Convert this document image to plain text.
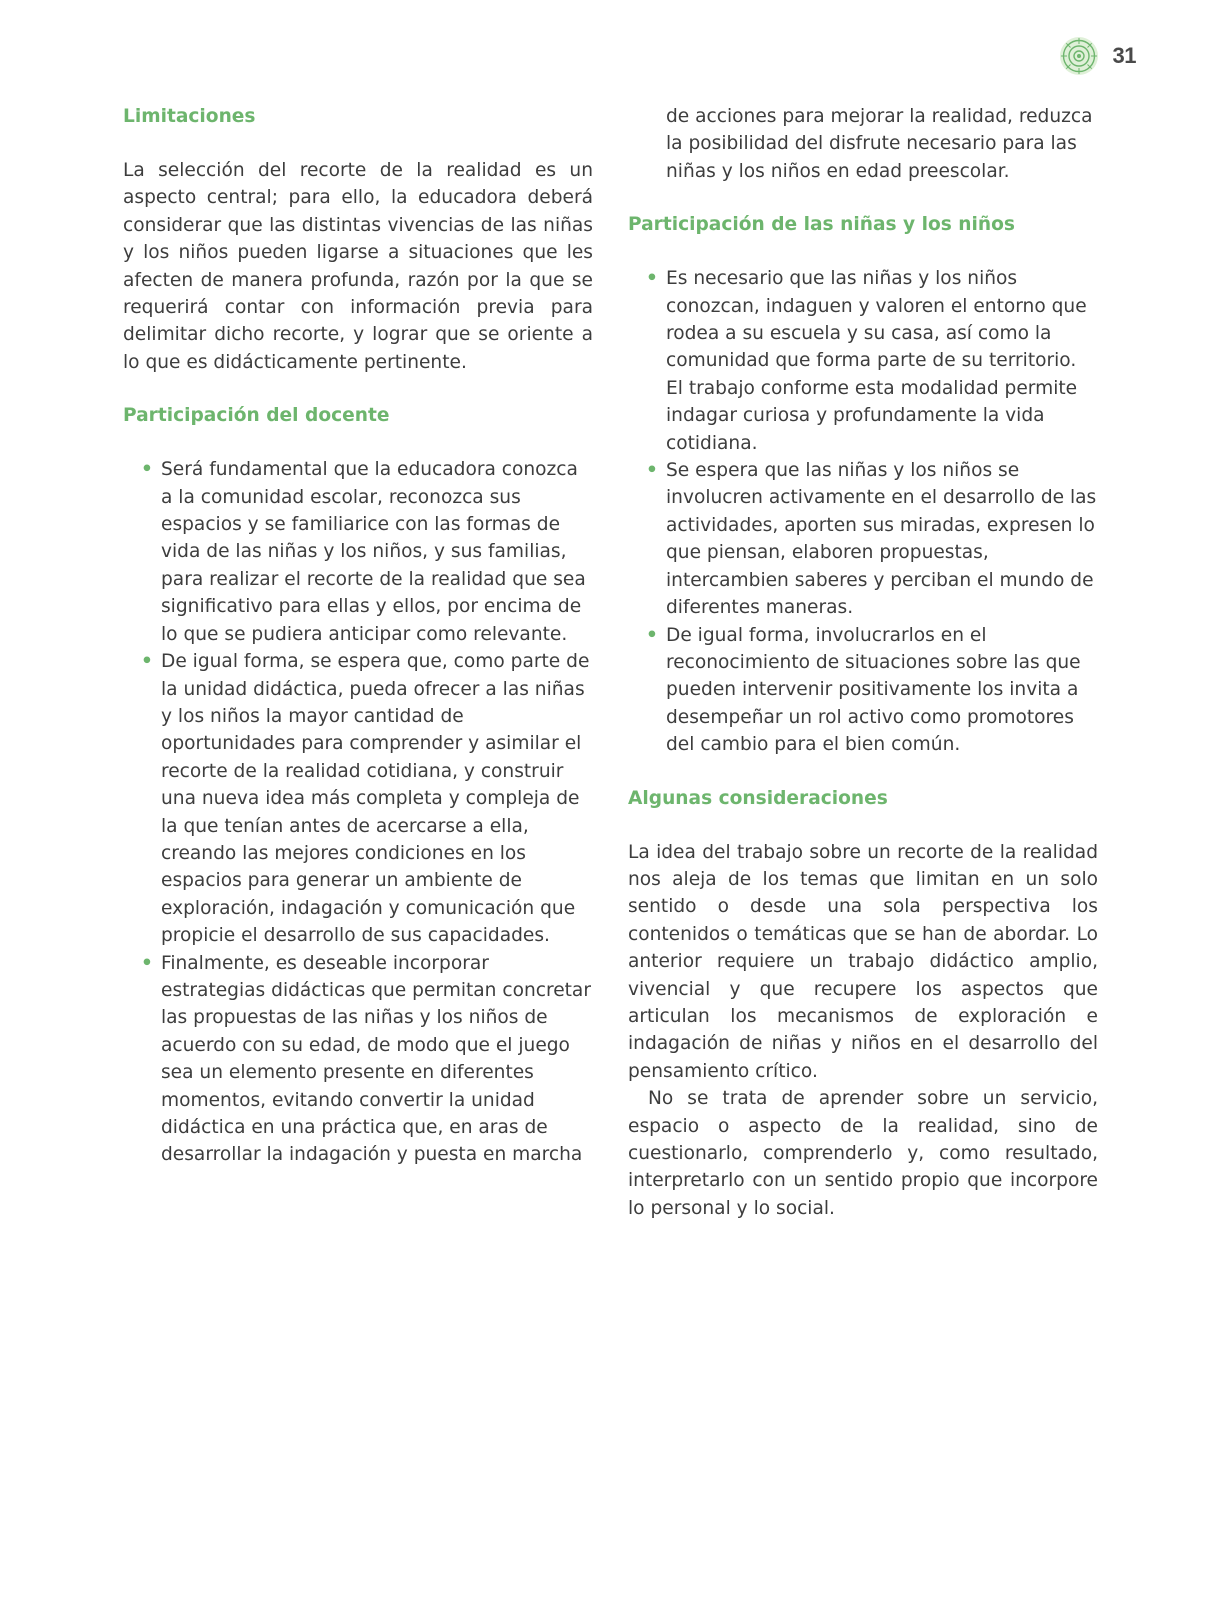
31
Limitaciones

La selección del recorte de la realidad es un aspecto central; para ello, la educadora deberá considerar que las distintas vivencias de las niñas y los niños pueden ligarse a situaciones que les afecten de manera profunda, razón por la que se requerirá contar con información previa para delimitar dicho recorte, y lograr que se oriente a lo que es didácticamente pertinente.

Participación del docente
• Será fundamental que la educadora conozca a la comunidad escolar, reconozca sus espacios y se familiarice con las formas de vida de las niñas y los niños, y sus familias, para realizar el recorte de la realidad que sea significativo para ellas y ellos, por encima de lo que se pudiera anticipar como relevante.
• De igual forma, se espera que, como parte de la unidad didáctica, pueda ofrecer a las niñas y los niños la mayor cantidad de oportunidades para comprender y asimilar el recorte de la realidad cotidiana, y construir una nueva idea más completa y compleja de la que tenían antes de acercarse a ella, creando las mejores condiciones en los espacios para generar un ambiente de exploración, indagación y comunicación que propicie el desarrollo de sus capacidades.
• Finalmente, es deseable incorporar estrategias didácticas que permitan concretar las propuestas de las niñas y los niños de acuerdo con su edad, de modo que el juego sea un elemento presente en diferentes momentos, evitando convertir la unidad didáctica en una práctica que, en aras de desarrollar la indagación y puesta en marcha

de acciones para mejorar la realidad, reduzca la posibilidad del disfrute necesario para las niñas y los niños en edad preescolar.

Participación de las niñas y los niños
• Es necesario que las niñas y los niños conozcan, indaguen y valoren el entorno que rodea a su escuela y su casa, así como la comunidad que forma parte de su territorio. El trabajo conforme esta modalidad permite indagar curiosa y profundamente la vida cotidiana.
• Se espera que las niñas y los niños se involucren activamente en el desarrollo de las actividades, aporten sus miradas, expresen lo que piensan, elaboren propuestas, intercambien saberes y perciban el mundo de diferentes maneras.
• De igual forma, involucrarlos en el reconocimiento de situaciones sobre las que pueden intervenir positivamente los invita a desempeñar un rol activo como promotores del cambio para el bien común.
Algunas consideraciones

La idea del trabajo sobre un recorte de la realidad nos aleja de los temas que limitan en un solo sentido o desde una sola perspectiva los contenidos o temáticas que se han de abordar. Lo anterior requiere un trabajo didáctico amplio, vivencial y que recupere los aspectos que articulan los mecanismos de exploración e indagación de niñas y niños en el desarrollo del pensamiento crítico.

No se trata de aprender sobre un servicio, espacio o aspecto de la realidad, sino de cuestionarlo, comprenderlo y, como resultado, interpretarlo con un sentido propio que incorpore lo personal y lo social.
